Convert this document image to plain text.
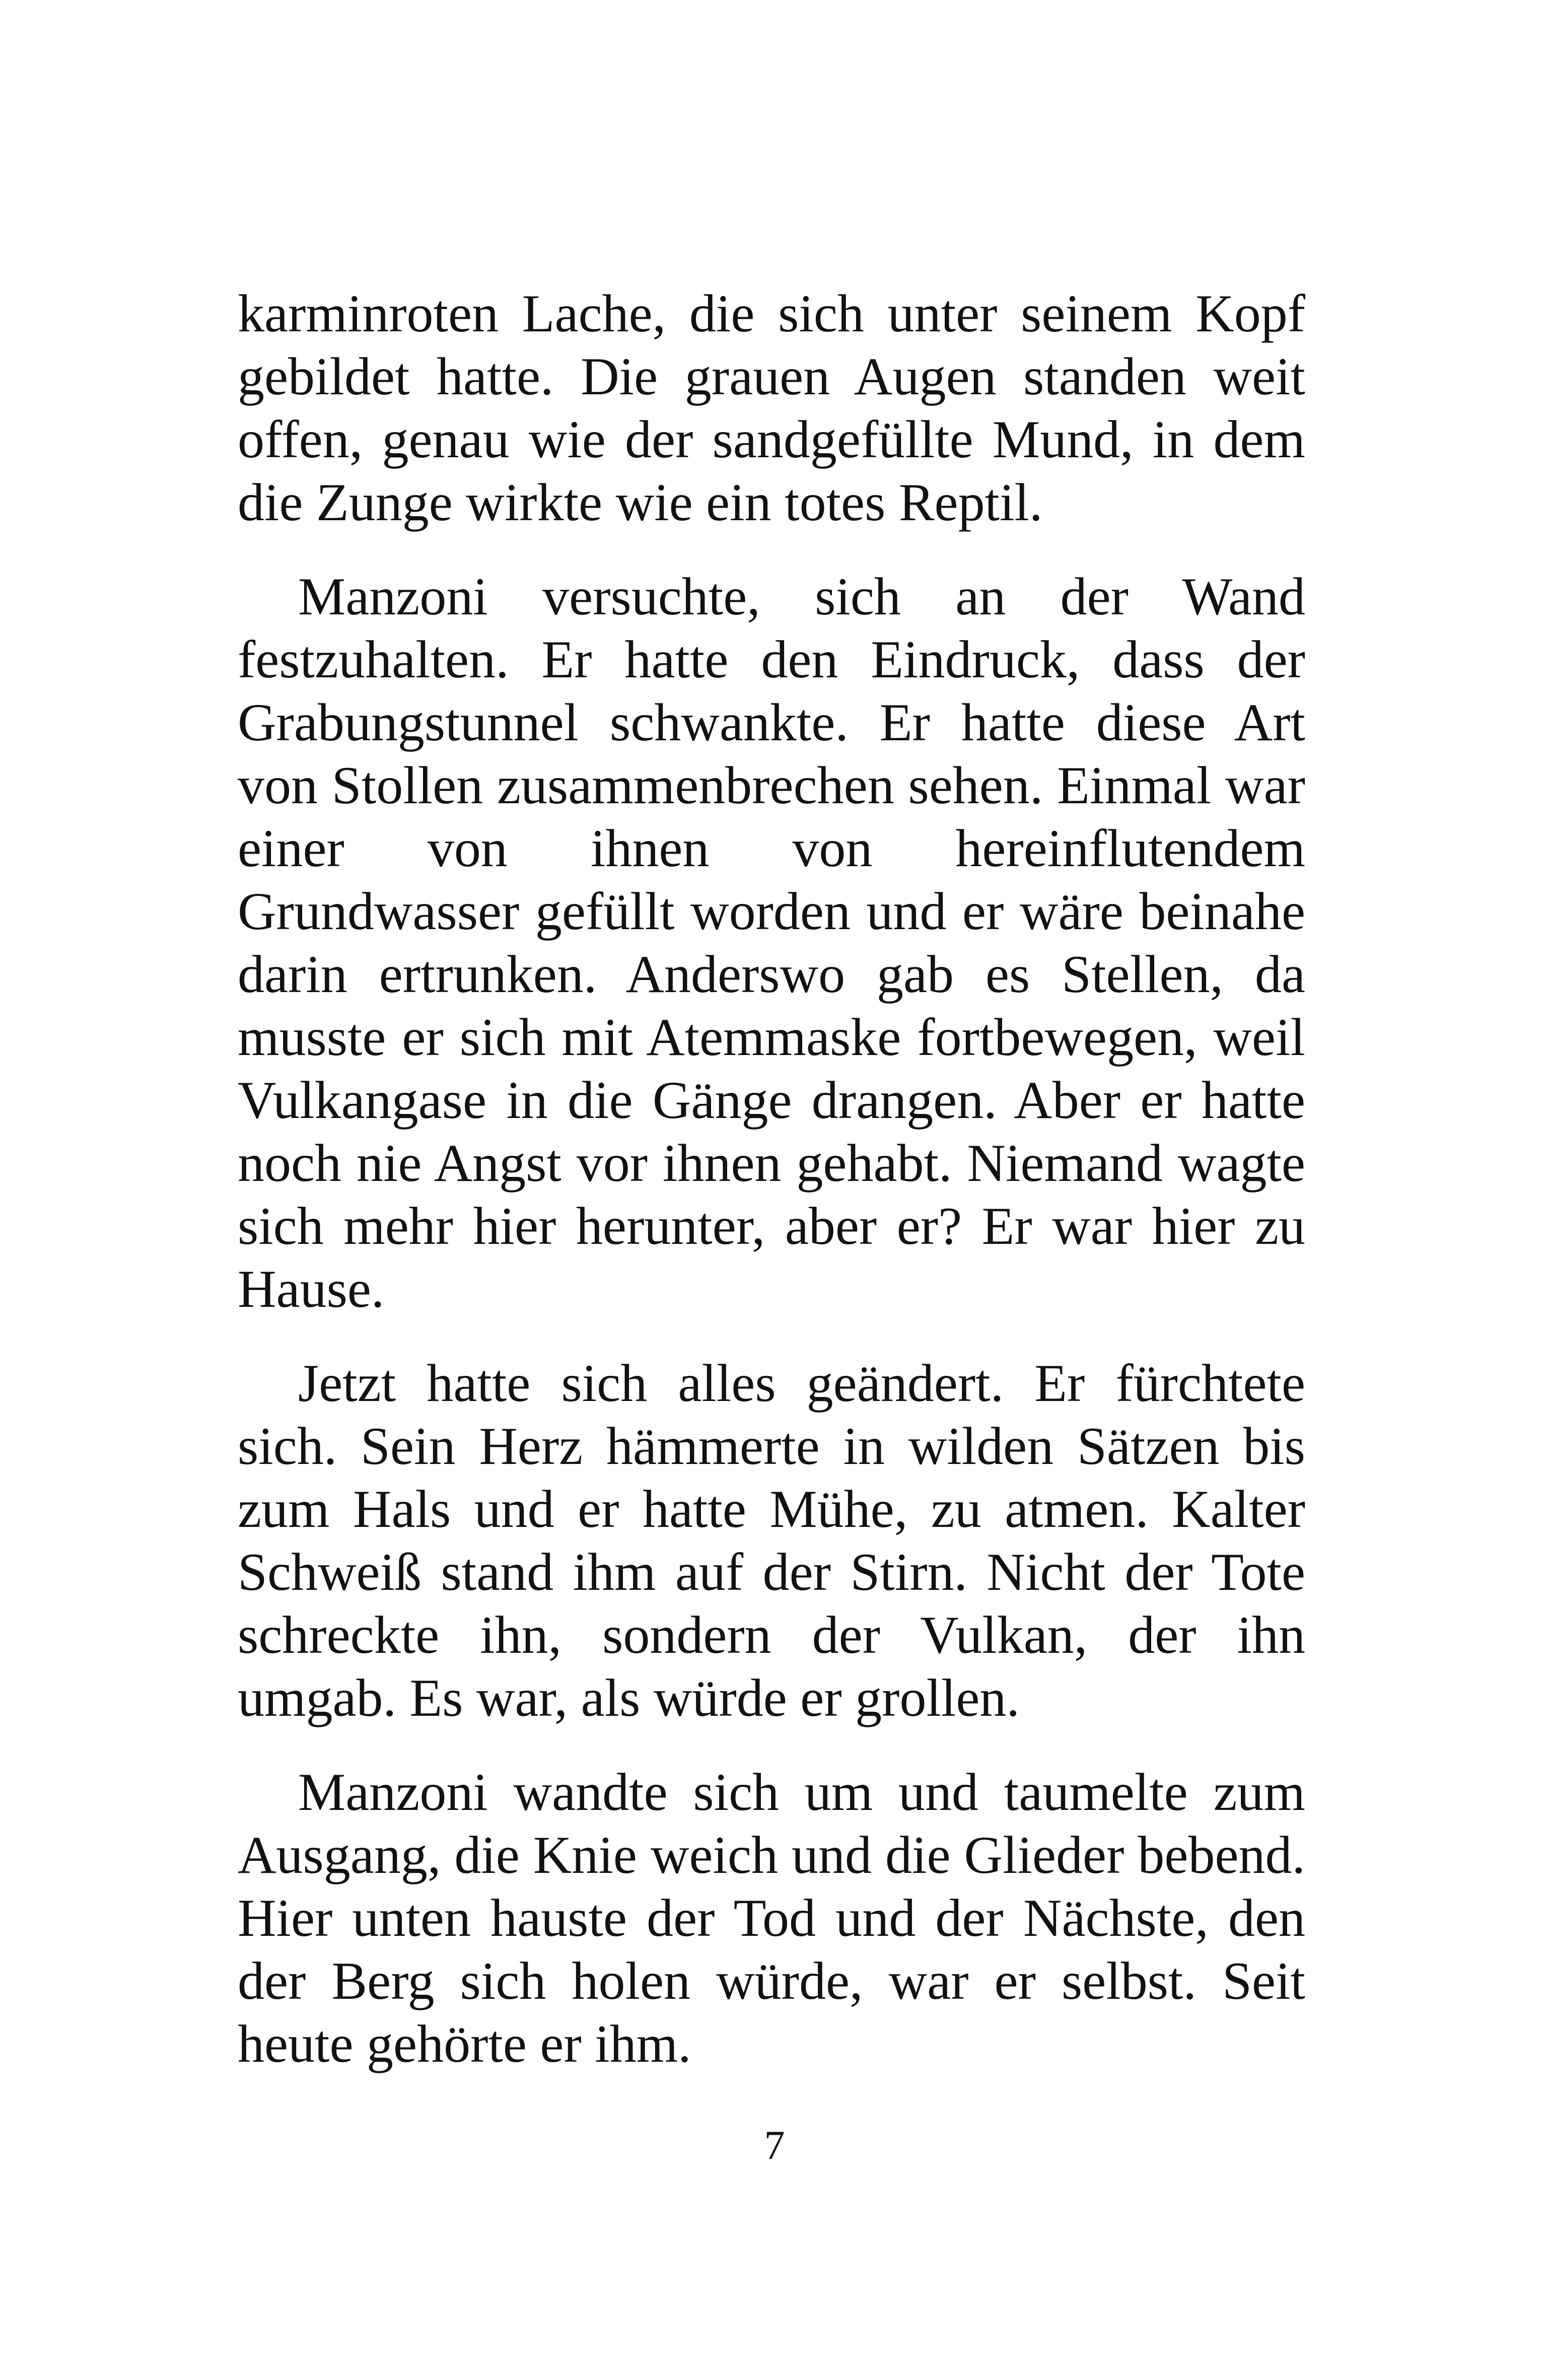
karminroten Lache, die sich unter seinem Kopf gebildet hatte. Die grauen Augen standen weit offen, genau wie der sandgefüllte Mund, in dem die Zunge wirkte wie ein totes Reptil.

Manzoni versuchte, sich an der Wand festzuhalten. Er hatte den Eindruck, dass der Grabungstunnel schwankte. Er hatte diese Art von Stollen zusammenbrechen sehen. Einmal war einer von ihnen von hereinflutendem Grundwasser gefüllt worden und er wäre beinahe darin ertrunken. Anderswo gab es Stellen, da musste er sich mit Atemmaske fortbewegen, weil Vulkangase in die Gänge drangen. Aber er hatte noch nie Angst vor ihnen gehabt. Niemand wagte sich mehr hier herunter, aber er? Er war hier zu Hause.

Jetzt hatte sich alles geändert. Er fürchtete sich. Sein Herz hämmerte in wilden Sätzen bis zum Hals und er hatte Mühe, zu atmen. Kalter Schweiß stand ihm auf der Stirn. Nicht der Tote schreckte ihn, sondern der Vulkan, der ihn umgab. Es war, als würde er grollen.

Manzoni wandte sich um und taumelte zum Ausgang, die Knie weich und die Glieder bebend. Hier unten hauste der Tod und der Nächste, den der Berg sich holen würde, war er selbst. Seit heute gehörte er ihm.

7
